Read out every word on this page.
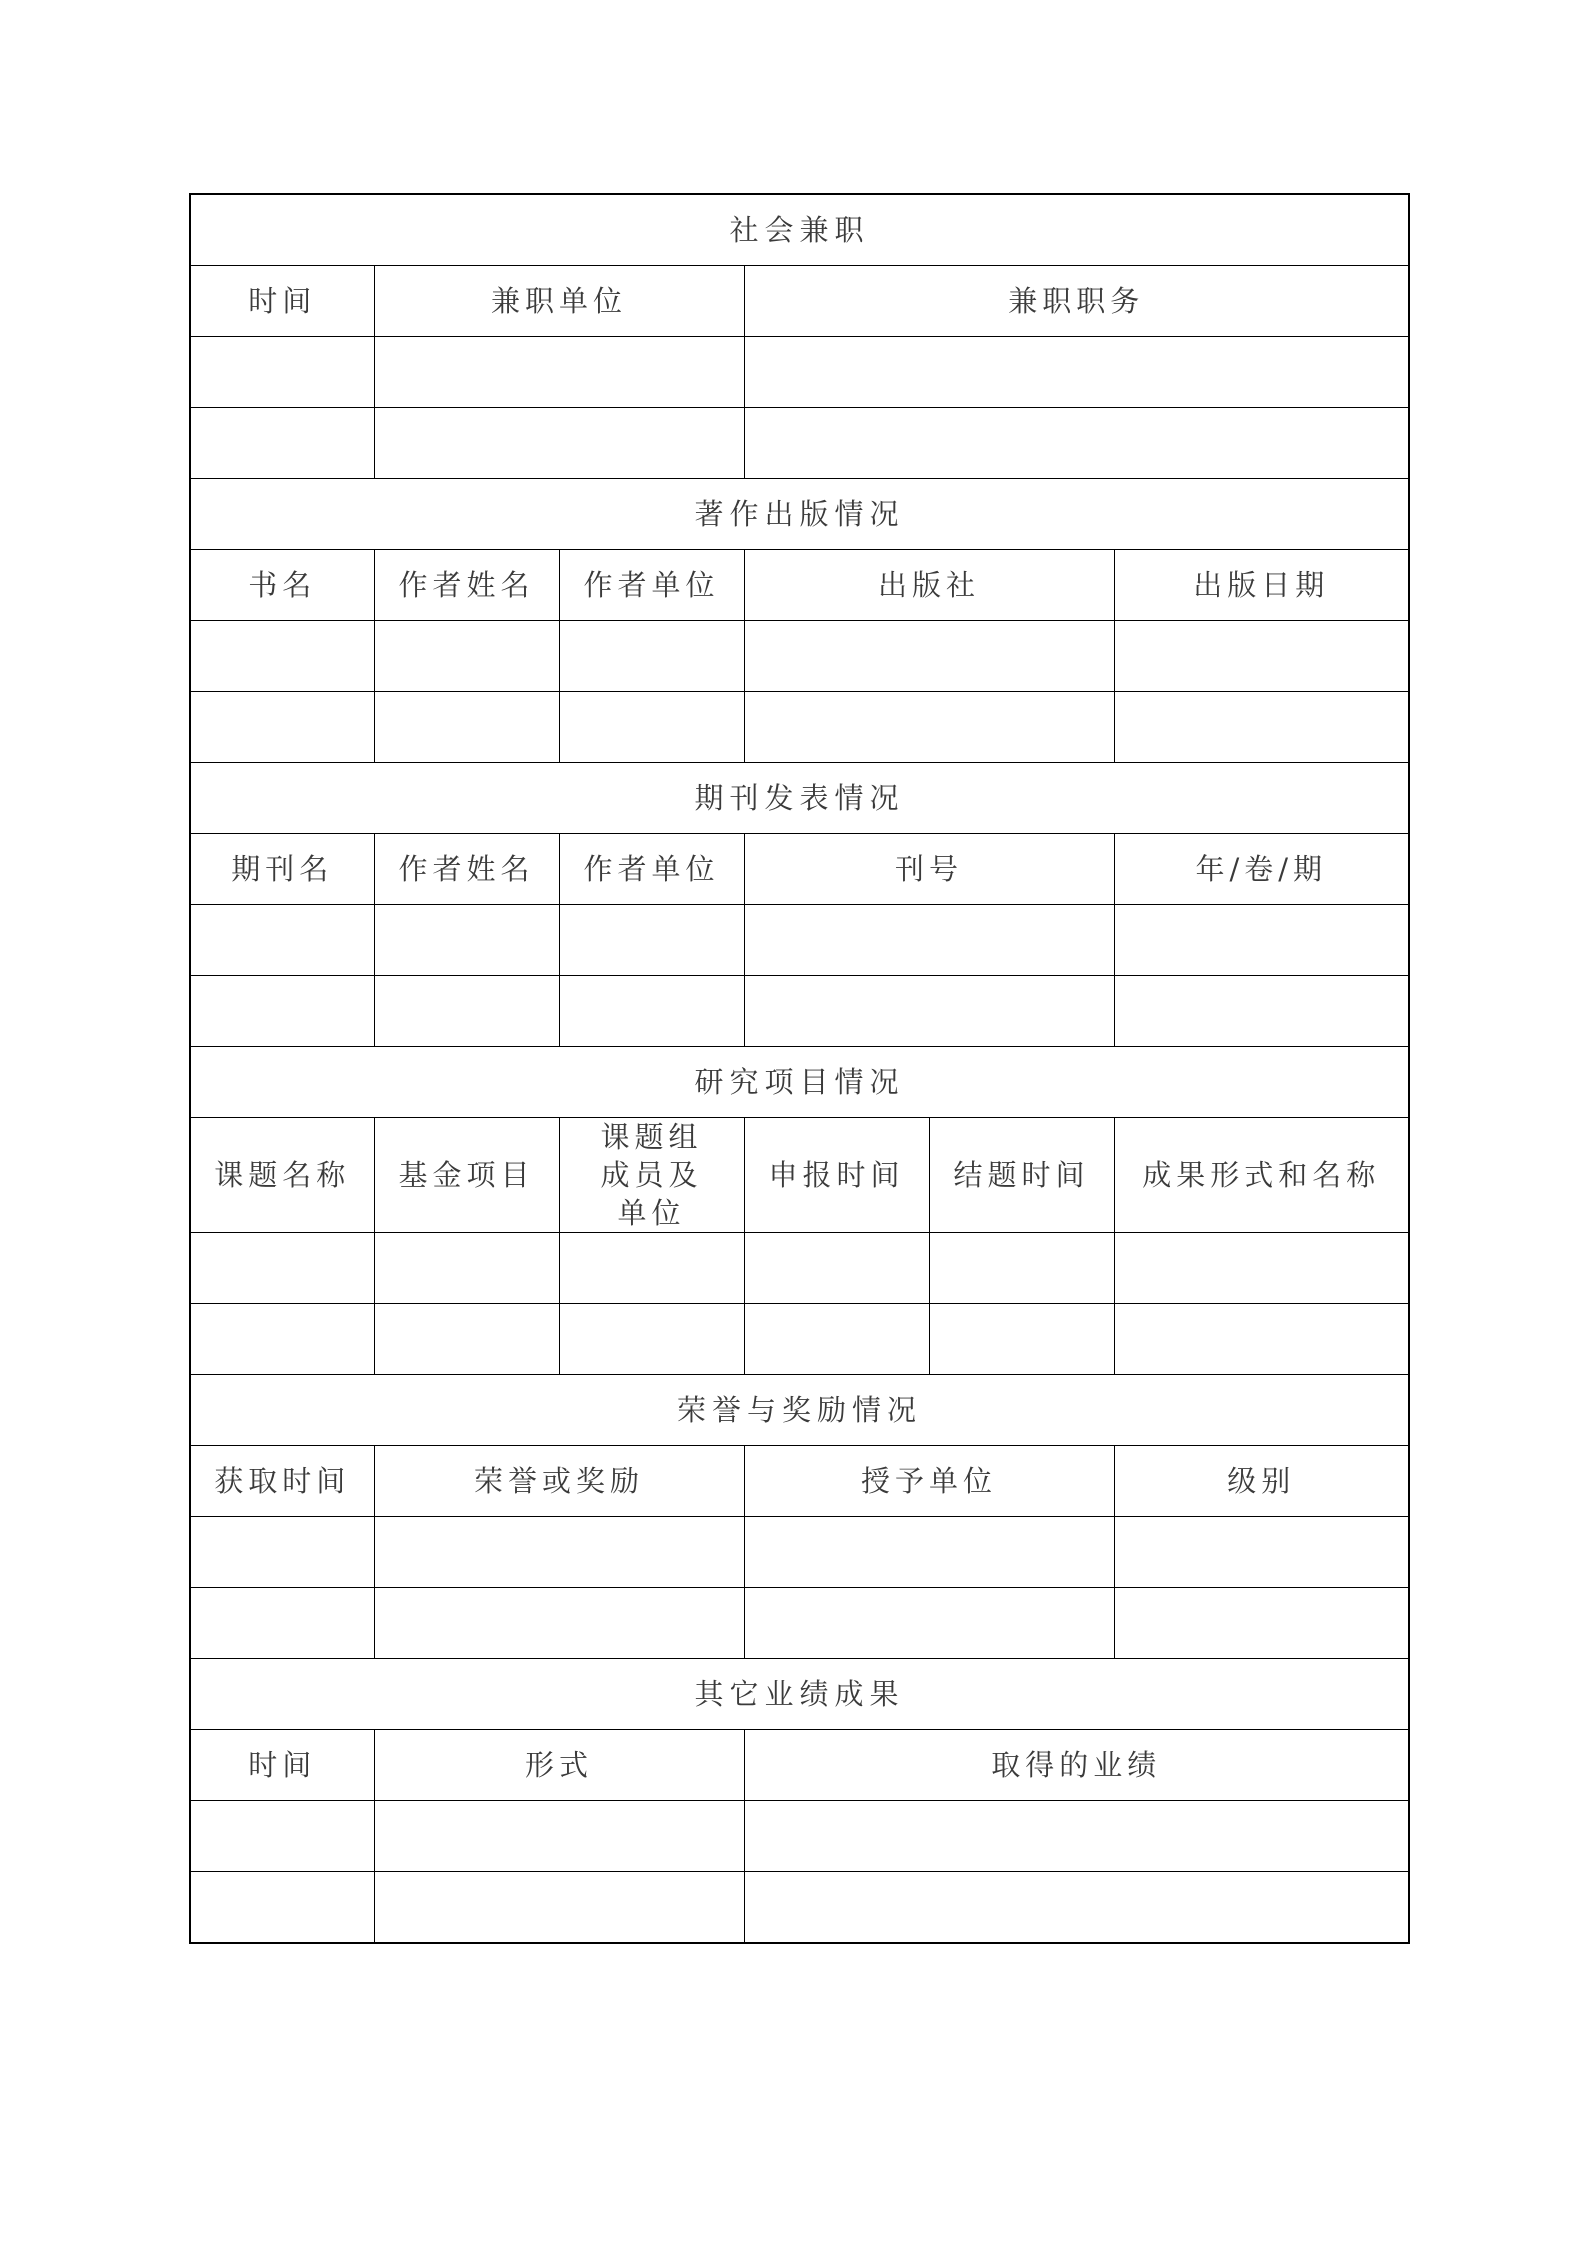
社会兼职					
时间	兼职单位		兼职职务		

著作出版情况					
书名	作者姓名	作者单位	出版社		出版日期

期刊发表情况					
期刊名	作者姓名	作者单位	刊号		年/卷/期

研究项目情况					
课题名称	基金项目	课题组成员及单位	申报时间	结题时间	成果形式和名称

荣誉与奖励情况					
获取时间	荣誉或奖励		授予单位		级别

其它业绩成果					
时间	形式		取得的业绩		
